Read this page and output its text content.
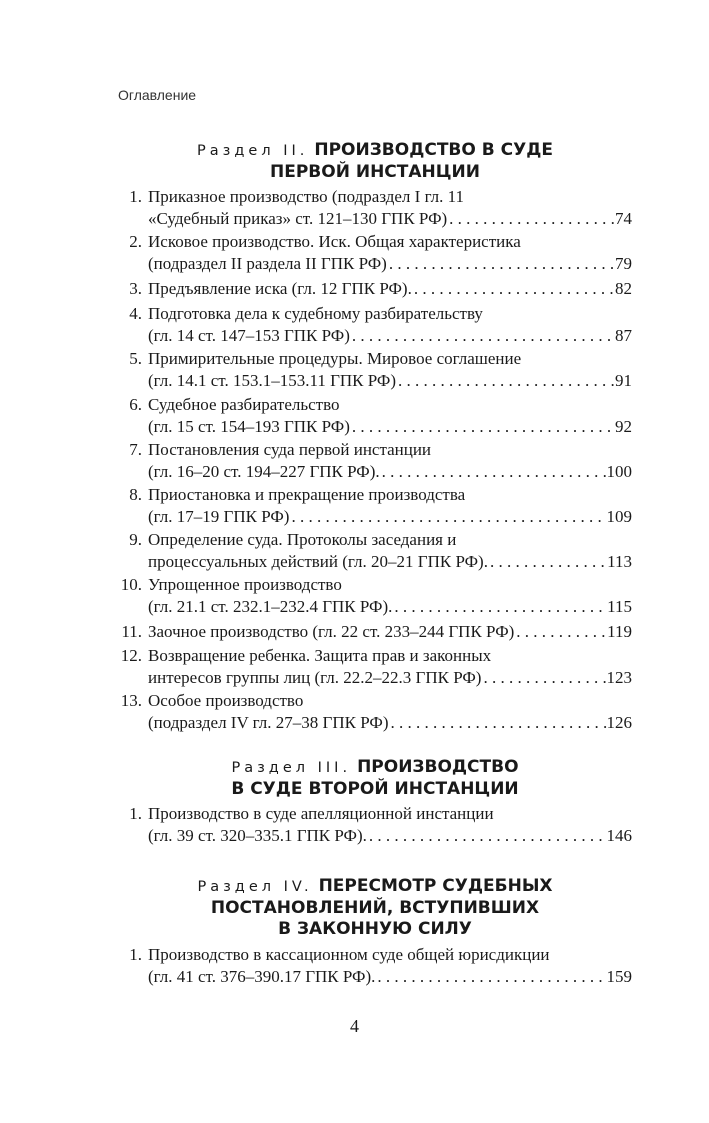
Оглавление

Раздел II. ПРОИЗВОДСТВО В СУДЕ
ПЕРВОЙ ИНСТАНЦИИ

1. Приказное производство (подраздел I гл. 11
«Судебный приказ» ст. 121–130 ГПК РФ) . . .	74
2. Исковое производство. Иск. Общая характеристика
(подраздел II раздела II ГПК РФ) . . .	79
3. Предъявление иска (гл. 12 ГПК РФ). . . .	82
4. Подготовка дела к судебному разбирательству
(гл. 14 ст. 147–153 ГПК РФ) . . .	87
5. Примирительные процедуры. Мировое соглашение
(гл. 14.1 ст. 153.1–153.11 ГПК РФ) . . .	91
6. Судебное разбирательство
(гл. 15 ст. 154–193 ГПК РФ) . . .	92
7. Постановления суда первой инстанции
(гл. 16–20 ст. 194–227 ГПК РФ). . . .	100
8. Приостановка и прекращение производства
(гл. 17–19 ГПК РФ) . . .	109
9. Определение суда. Протоколы заседания и
процессуальных действий (гл. 20–21 ГПК РФ). . . .	113
10. Упрощенное производство
(гл. 21.1 ст. 232.1–232.4 ГПК РФ). . . .	115
11. Заочное производство (гл. 22 ст. 233–244 ГПК РФ) . . .	119
12. Возвращение ребенка. Защита прав и законных
интересов группы лиц (гл. 22.2–22.3 ГПК РФ) . . .	123
13. Особое производство
(подраздел IV гл. 27–38 ГПК РФ) . . .	126

Раздел III. ПРОИЗВОДСТВО
В СУДЕ ВТОРОЙ ИНСТАНЦИИ

1. Производство в суде апелляционной инстанции
(гл. 39 ст. 320–335.1 ГПК РФ). . . .	146

Раздел IV. ПЕРЕСМОТР СУДЕБНЫХ
ПОСТАНОВЛЕНИЙ, ВСТУПИВШИХ
В ЗАКОННУЮ СИЛУ

1. Производство в кассационном суде общей юрисдикции
(гл. 41 ст. 376–390.17 ГПК РФ). . . .	159
4
